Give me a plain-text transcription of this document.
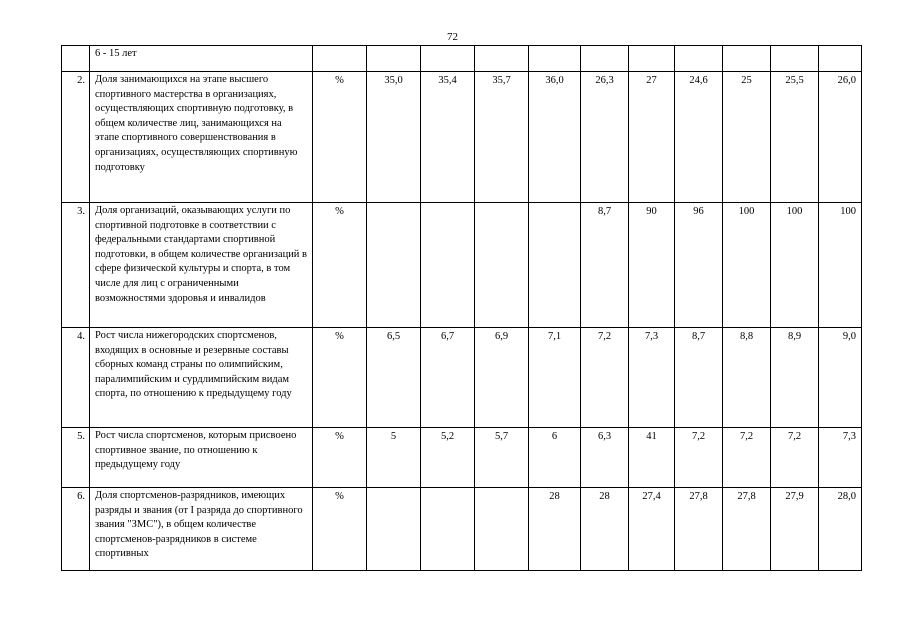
72
	6 - 15 лет											
2.	Доля занимающихся на этапе высшего спортивного мастерства в организациях, осуществляющих спортивную подготовку, в общем количестве лиц, занимающихся на этапе спортивного совершенствования в организациях, осуществляющих спортивную подготовку	%	35,0	35,4	35,7	36,0	26,3	27	24,6	25	25,5	26,0
3.	Доля организаций, оказывающих услуги по спортивной подготовке в соответствии с федеральными стандартами спортивной подготовки, в общем количестве организаций в сфере физической культуры и спорта, в том числе для лиц с ограниченными возможностями здоровья и инвалидов	%					8,7	90	96	100	100	100
4.	Рост числа нижегородских спортсменов, входящих в основные и резервные составы сборных команд страны по олимпийским, паралимпийским и сурдлимпийским видам спорта, по отношению к предыдущему году	%	6,5	6,7	6,9	7,1	7,2	7,3	8,7	8,8	8,9	9,0
5.	Рост числа спортсменов, которым присвоено спортивное звание, по отношению к предыдущему году	%	5	5,2	5,7	6	6,3	41	7,2	7,2	7,2	7,3
6.	Доля спортсменов-разрядников, имеющих разряды и звания (от I разряда до спортивного звания "ЗМС"), в общем количестве спортсменов-разрядников в системе спортивных	%				28	28	27,4	27,8	27,8	27,9	28,0
